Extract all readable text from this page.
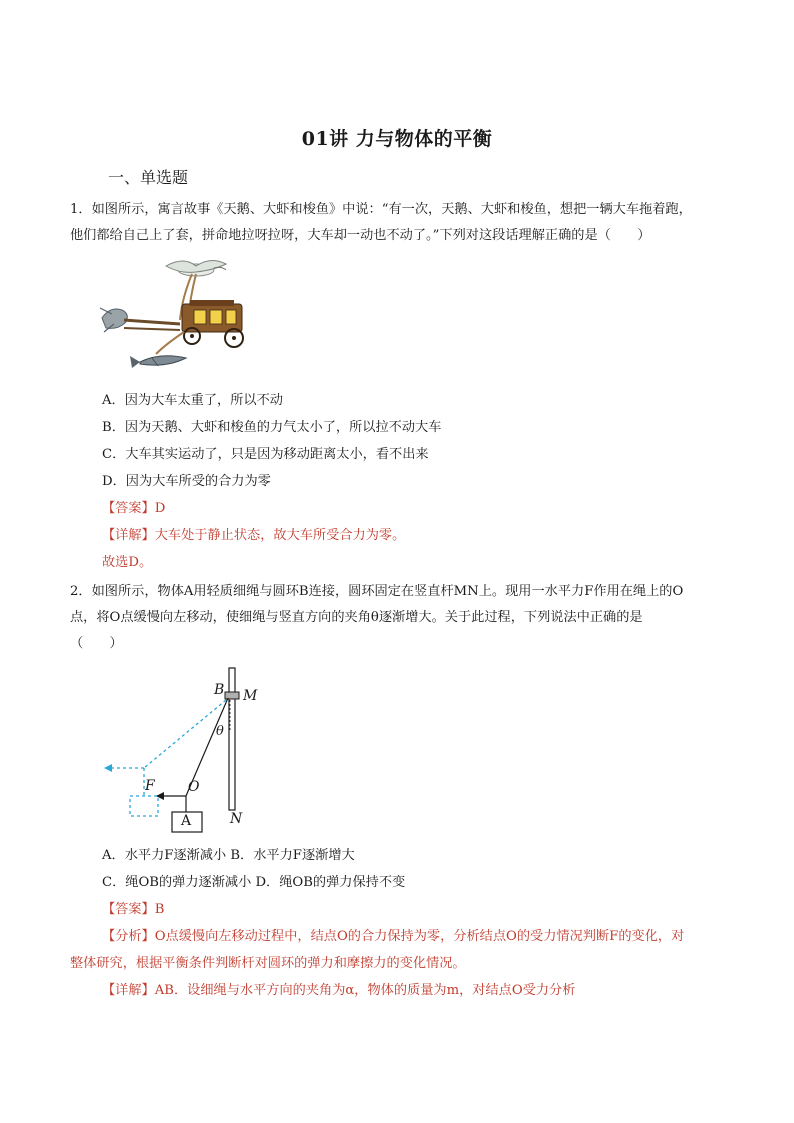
01讲 力与物体的平衡
一、单选题
1．如图所示，寓言故事《天鹅、大虾和梭鱼》中说：“有一次，天鹅、大虾和梭鱼，想把一辆大车拖着跑，
他们都给自己上了套，拼命地拉呀拉呀，大车却一动也不动了。”下列对这段话理解正确的是（　　）
A．因为大车太重了，所以不动
B．因为天鹅、大虾和梭鱼的力气太小了，所以拉不动大车
C．大车其实运动了，只是因为移动距离太小，看不出来
D．因为大车所受的合力为零
【答案】D
【详解】大车处于静止状态，故大车所受合力为零。
故选D。
2．如图所示，物体A用轻质细绳与圆环B连接，圆环固定在竖直杆MN上。现用一水平力F作用在绳上的O
点，将O点缓慢向左移动，使细绳与竖直方向的夹角θ逐渐增大。关于此过程，下列说法中正确的是
（　　）
B M
θ
F O
A	N
A．水平力F逐渐减小 B．水平力F逐渐增大
C．绳OB的弹力逐渐减小 D．绳OB的弹力保持不变
【答案】B
【分析】O点缓慢向左移动过程中，结点O的合力保持为零，分析结点O的受力情况判断F的变化，对
整体研究，根据平衡条件判断杆对圆环的弹力和摩擦力的变化情况。
【详解】AB．设细绳与水平方向的夹角为α，物体的质量为m，对结点O受力分析
